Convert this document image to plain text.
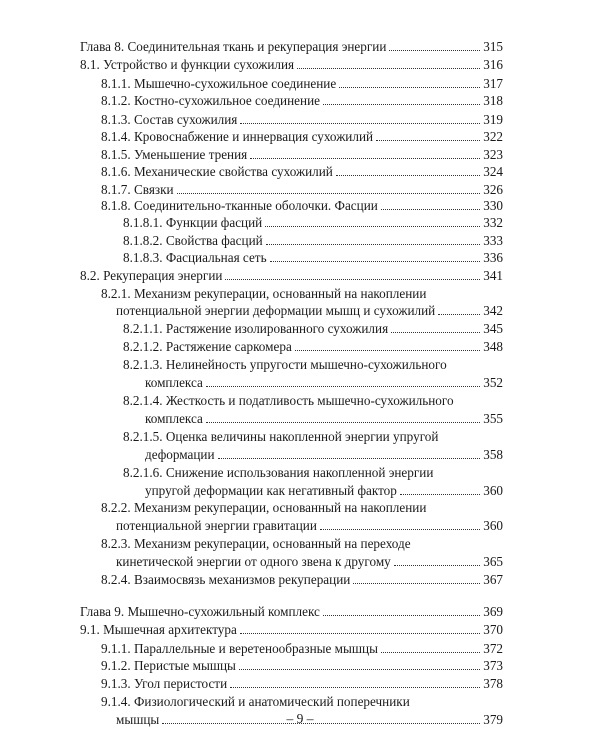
Глава 8. Соединительная ткань и рекуперация энергии	315
8.1. Устройство и функции сухожилия	316
8.1.1. Мышечно-сухожильное соединение	317
8.1.2. Костно-сухожильное соединение	318
8.1.3. Состав сухожилия	319
8.1.4. Кровоснабжение и иннервация сухожилий	322
8.1.5. Уменьшение трения	323
8.1.6. Механические свойства сухожилий	324
8.1.7. Связки	326
8.1.8. Соединительно-тканные оболочки. Фасции	330
8.1.8.1. Функции фасций	332
8.1.8.2. Свойства фасций	333
8.1.8.3. Фасциальная сеть	336
8.2. Рекуперация энергии	341
8.2.1. Механизм рекуперации, основанный на накоплении
потенциальной энергии деформации мышц и сухожилий	342
8.2.1.1. Растяжение изолированного сухожилия	345
8.2.1.2. Растяжение саркомера	348
8.2.1.3. Нелинейность упругости мышечно-сухожильного
комплекса	352
8.2.1.4. Жесткость и податливость мышечно-сухожильного
комплекса	355
8.2.1.5. Оценка величины накопленной энергии упругой
деформации	358
8.2.1.6. Снижение использования накопленной энергии
упругой деформации как негативный фактор	360
8.2.2. Механизм рекуперации, основанный на накоплении
потенциальной энергии гравитации	360
8.2.3. Механизм рекуперации, основанный на переходе
кинетической энергии от одного звена к другому	365
8.2.4. Взаимосвязь механизмов рекуперации	367
Глава 9. Мышечно-сухожильный комплекс	369
9.1. Мышечная архитектура	370
9.1.1. Параллельные и веретенообразные мышцы	372
9.1.2. Перистые мышцы	373
9.1.3. Угол перистости	378
9.1.4. Физиологический и анатомический поперечники
мышцы	379
– 9 –
